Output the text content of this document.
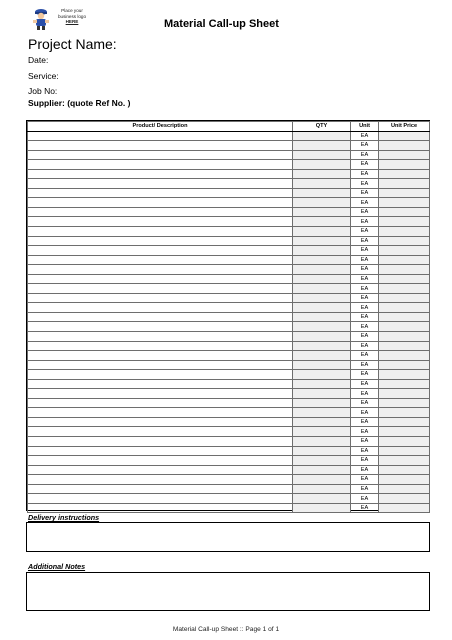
Place your
business logo
HERE	Material Call-up Sheet
Project Name:
Date:
Service:
Job No:
Supplier: (quote Ref No. )
Product/ Description	QTY	Unit	Unit Price
		EA	
		EA	
		EA	
		EA	
		EA	
		EA	
		EA	
		EA	
		EA	
		EA	
		EA	
		EA	
		EA	
		EA	
		EA	
		EA	
		EA	
		EA	
		EA	
		EA	
		EA	
		EA	
		EA	
		EA	
		EA	
		EA	
		EA	
		EA	
		EA	
		EA	
		EA	
		EA	
		EA	
		EA	
		EA	
		EA	
		EA	
		EA	
		EA	
		EA	
Delivery instructions
Additional Notes
Material Call-up Sheet :: Page 1 of 1
